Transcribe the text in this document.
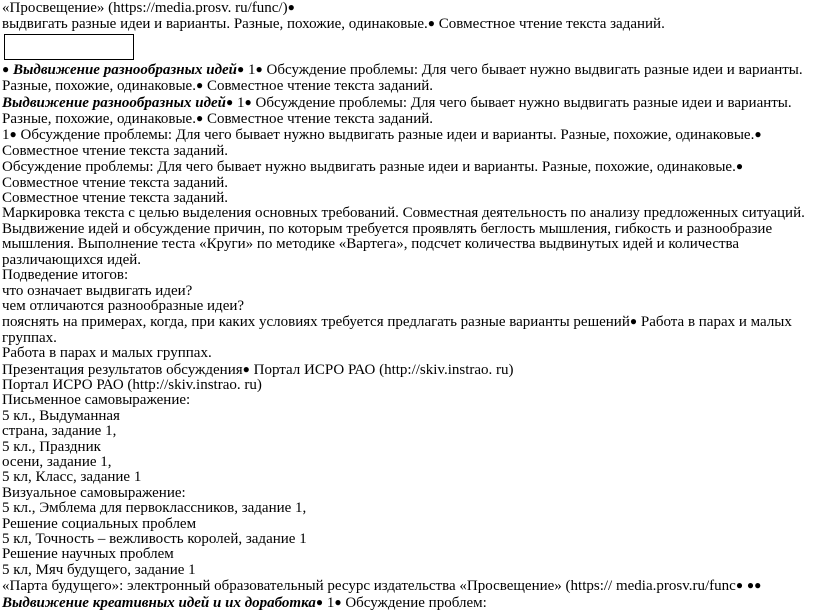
«Просвещение» (https://media.prosv. ru/func/)●

выдвигать разные идеи и варианты. Разные, похожие, одинаковые.● Совместное чтение текста заданий.

● Выдвижение разнообразных идей● 1● Обсуждение проблемы: Для чего бывает нужно выдвигать разные идеи и варианты. Разные, похожие, одинаковые.● Совместное чтение текста заданий.

Выдвижение разнообразных идей● 1● Обсуждение проблемы: Для чего бывает нужно выдвигать разные идеи и варианты. Разные, похожие, одинаковые.● Совместное чтение текста заданий.

1● Обсуждение проблемы: Для чего бывает нужно выдвигать разные идеи и варианты. Разные, похожие, одинаковые.● Совместное чтение текста заданий.

Обсуждение проблемы: Для чего бывает нужно выдвигать разные идеи и варианты. Разные, похожие, одинаковые.● Совместное чтение текста заданий.

Совместное чтение текста заданий.

Маркировка текста с целью выделения основных требований. Совместная деятельность по анализу предложенных ситуаций. Выдвижение идей и обсуждение причин, по которым требуется проявлять беглость мышления, гибкость и разнообразие мышления. Выполнение теста «Круги» по методике «Вартега», подсчет количества выдвинутых идей и количества различающихся идей.

Подведение итогов:

что означает выдвигать идеи?

чем отличаются разнообразные идеи?

пояснять на примерах, когда, при каких условиях требуется предлагать разные варианты решений● Работа в парах и малых группах.

Работа в парах и малых группах.

Презентация результатов обсуждения● Портал ИСРО РАО (http://skiv.instrao. ru)

Портал ИСРО РАО (http://skiv.instrao. ru)

Письменное самовыражение:

5 кл., Выдуманная

страна, задание 1,

5 кл., Праздник

осени, задание 1,

5 кл, Класс, задание 1

Визуальное самовыражение:

5 кл., Эмблема для первоклассников, задание 1,

Решение социальных проблем

5 кл, Точность – вежливость королей, задание 1

Решение научных проблем

5 кл, Мяч будущего, задание 1

«Парта будущего»: электронный образовательный ресурс издательства «Просвещение» (https:// media.prosv.ru/func● ●● Выдвижение креативных идей и их доработка● 1● Обсуждение проблем:
